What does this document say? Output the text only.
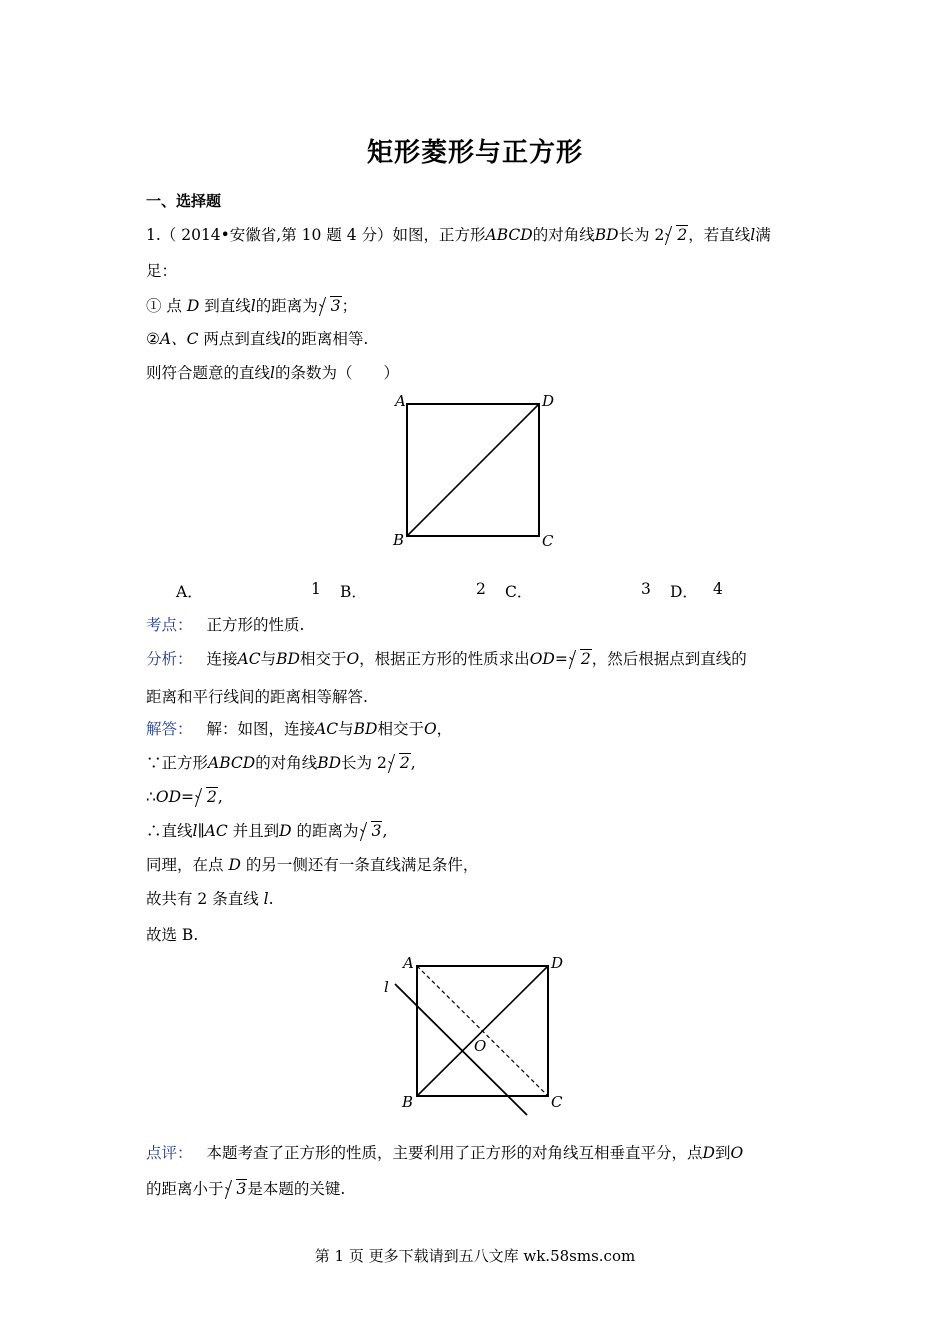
矩形菱形与正方形
一、选择题
1.（ 2014•安徽省,第 10 题 4 分）如图，正方形ABCD的对角线BD长为 2 2，若直线l满
足：
① 点 D 到直线l的距离为 3；
②A、C 两点到直线l的距离相等.
则符合题意的直线l的条数为（　　）
A	D
B	C
A．	1 B．	2 C．	3 D． 4
考点： 正方形的性质.
分析： 连接AC与BD相交于O，根据正方形的性质求出OD= 2，然后根据点到直线的
距离和平行线间的距离相等解答.
解答： 解：如图，连接AC与BD相交于O，
∵正方形ABCD的对角线BD长为 2 2,
∴OD= 2,
∴直线l∥AC 并且到D 的距离为 3,
同理，在点 D 的另一侧还有一条直线满足条件，
故共有 2 条直线 l.
故选 B.
A	D
l
O
B	C
点评： 本题考查了正方形的性质，主要利用了正方形的对角线互相垂直平分，点D到O
的距离小于 3是本题的关键.
第 1 页 更多下载请到五八文库 wk.58sms.com
